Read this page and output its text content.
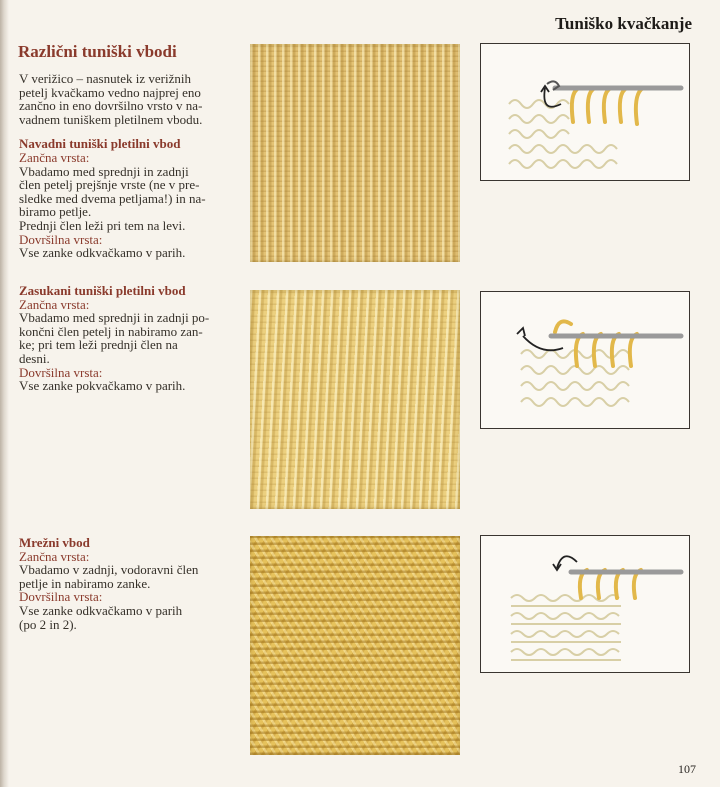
Tuniško kvačkanje
Različni tuniški vbodi

V verižico – nasnutek iz verižnih

petelj kvačkamo vedno najprej eno

zančno in eno dovršilno vrsto v na-

vadnem tuniškem pletilnem vbodu.

Navadni tuniški pletilni vbod

Zančna vrsta:

Vbadamo med sprednji in zadnji

člen petelj prejšnje vrste (ne v pre-

sledke med dvema petljama!) in na-

biramo petlje.

Prednji člen leži pri tem na levi.

Dovršilna vrsta:

Vse zanke odkvačkamo v parih.

Zasukani tuniški pletilni vbod

Zančna vrsta:

Vbadamo med sprednji in zadnji po-

končni člen petelj in nabiramo zan-

ke; pri tem leži prednji člen na

desni.

Dovršilna vrsta:

Vse zanke pokvačkamo v parih.

Mrežni vbod

Zančna vrsta:

Vbadamo v zadnji, vodoravni člen

petlje in nabiramo zanke.

Dovršilna vrsta:

Vse zanke odkvačkamo v parih

(po 2 in 2).

107
